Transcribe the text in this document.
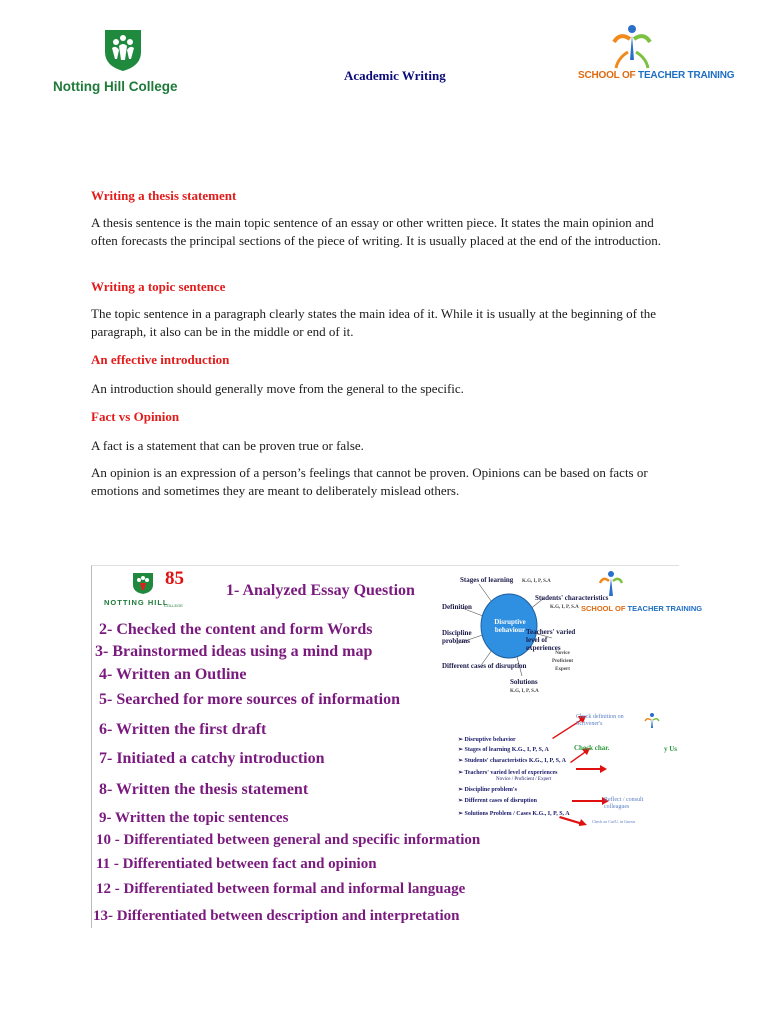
Notting Hill College
Academic Writing	SCHOOL OF TEACHER TRAINING
Writing a thesis statement
A thesis sentence is the main topic sentence of an essay or other written piece. It states the main opinion and often forecasts the principal sections of the piece of writing. It is usually placed at the end of the introduction.
Writing a topic sentence
The topic sentence in a paragraph clearly states the main idea of it. While it is usually at the beginning of the paragraph, it also can be in the middle or end of it.
An effective introduction
An introduction should generally move from the general to the specific.
Fact vs Opinion
A fact is a statement that can be proven true or false.
An opinion is an expression of a person’s feelings that cannot be proven. Opinions can be based on facts or emotions and sometimes they are meant to deliberately mislead others.
NOTTING HILL
COLLEGE
85
1- Analyzed Essay Question
2- Checked the content and form Words
3- Brainstormed ideas using a mind map
4- Written an Outline
5- Searched for more sources of information
6- Written the first draft
7- Initiated a catchy introduction
8- Written the thesis statement
9- Written the topic sentences
10 - Differentiated between general and specific information
11 - Differentiated between fact and opinion
12 - Differentiated between formal and informal language
13- Differentiated between description and interpretation
Disruptive behaviour
Stages of learning K.G, I, P, S.A
Students' characteristics
K.G, I, P, S.A
Definition
Teachers' varied level of experiences
Novice
Proficient
Expert
Discipline problems
Different cases of disruption
Solutions
K.G, I, P, S.A
SCHOOL OF TEACHER TRAINING
➢ Disruptive behavior
➢ Stages of learning K.G., I, P, S, A
➢ Students' characteristics K.G., I, P, S, A
➢ Teachers' varied level of experiences
Novice / Proficient / Expert
➢ Discipline problem's
➢ Different cases of disruption
➢ Solutions Problem / Cases K.G., I, P, S, A
Check definition on
Scrivener's
Check char.	y Us
Reflect / consult
colleagues
Check on Cut/U. in Gnosis
